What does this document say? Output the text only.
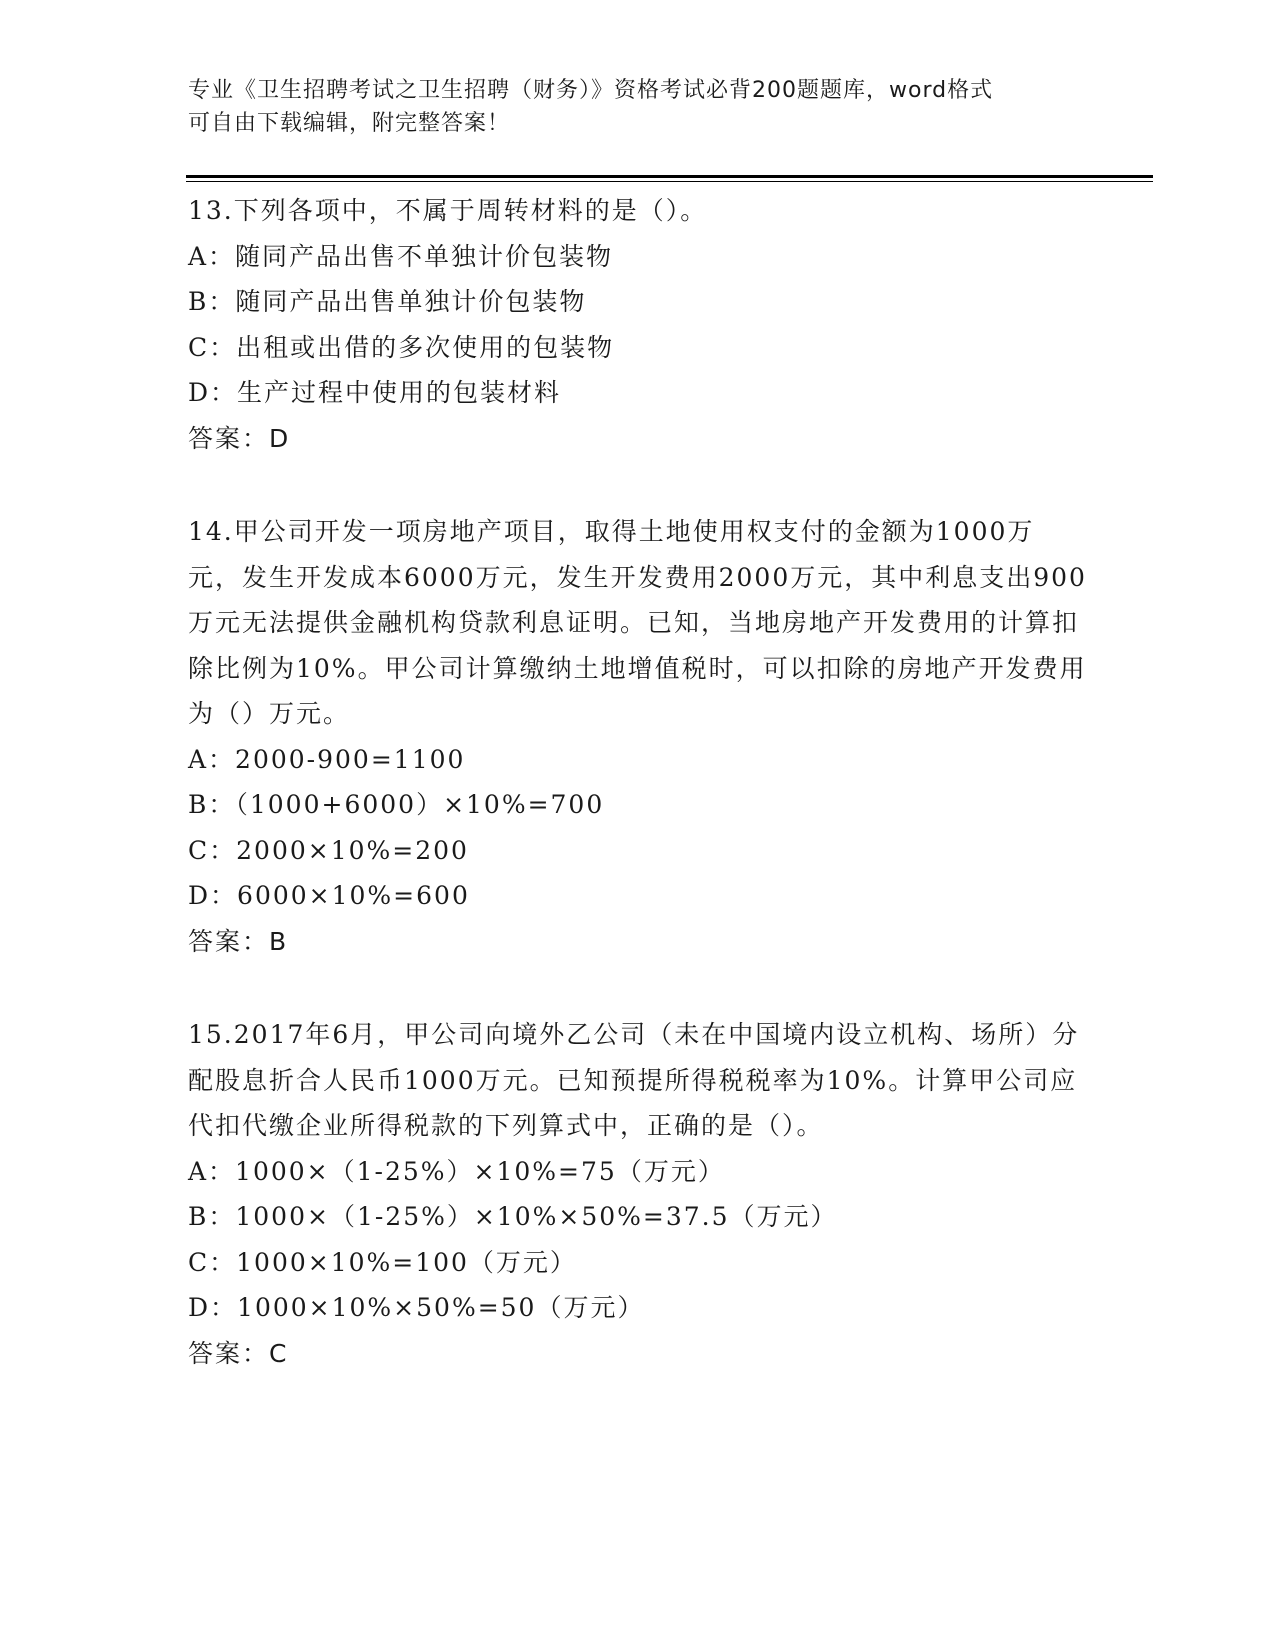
专业《卫生招聘考试之卫生招聘（财务）》资格考试必背200题题库，word格式
可自由下载编辑，附完整答案！
13.下列各项中，不属于周转材料的是（）。
A：随同产品出售不单独计价包装物
B：随同产品出售单独计价包装物
C：出租或出借的多次使用的包装物
D：生产过程中使用的包装材料
答案：D
14.甲公司开发一项房地产项目，取得土地使用权支付的金额为1000万元，发生开发成本6000万元，发生开发费用2000万元，其中利息支出900万元无法提供金融机构贷款利息证明。已知，当地房地产开发费用的计算扣除比例为10%。甲公司计算缴纳土地增值税时，可以扣除的房地产开发费用为（）万元。
A：2000-900=1100
B：（1000+6000）×10%=700
C：2000×10%=200
D：6000×10%=600
答案：B
15.2017年6月，甲公司向境外乙公司（未在中国境内设立机构、场所）分配股息折合人民币1000万元。已知预提所得税税率为10%。计算甲公司应代扣代缴企业所得税款的下列算式中，正确的是（）。
A：1000×（1-25%）×10%=75（万元）
B：1000×（1-25%）×10%×50%=37.5（万元）
C：1000×10%=100（万元）
D：1000×10%×50%=50（万元）
答案：C
